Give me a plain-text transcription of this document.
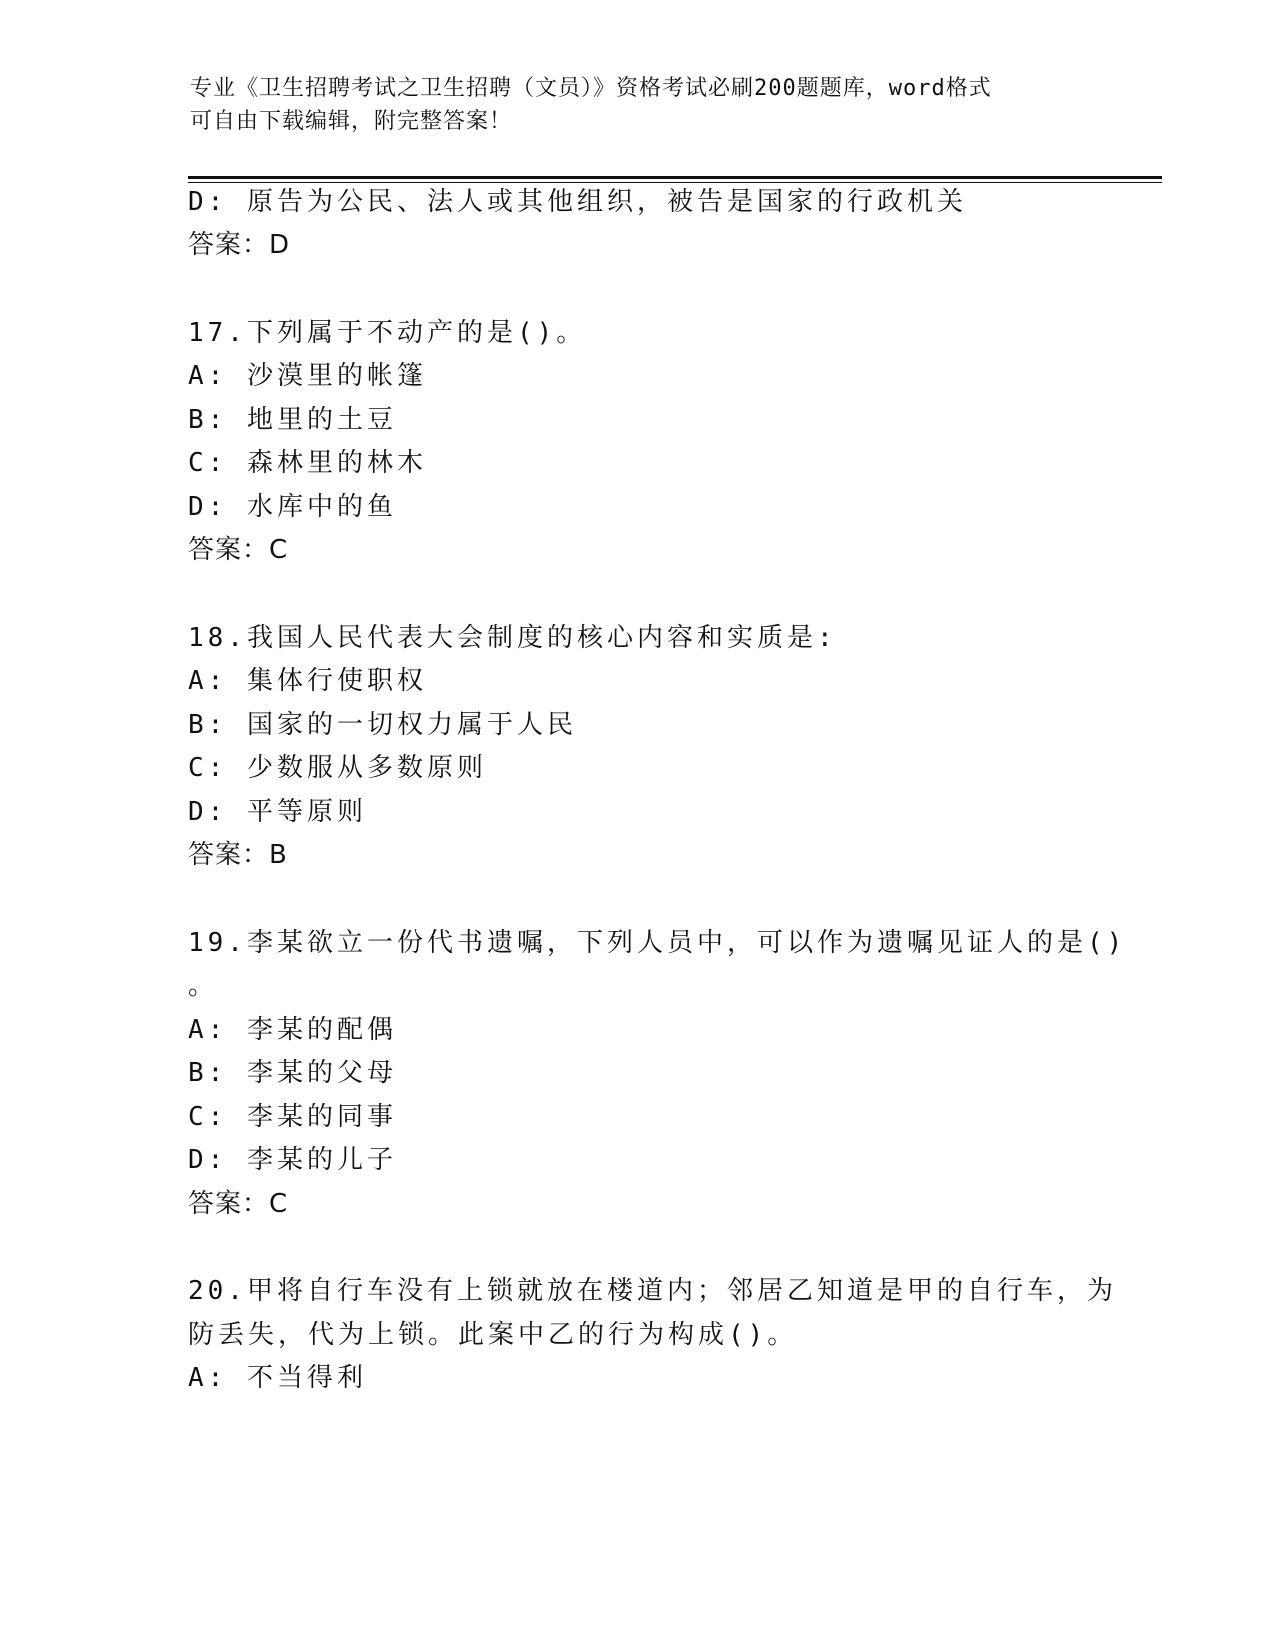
专业《卫生招聘考试之卫生招聘（文员）》资格考试必刷200题题库，word格式
可自由下载编辑，附完整答案！
D: 原告为公民、法人或其他组织，被告是国家的行政机关
答案：D
17.下列属于不动产的是()。
A: 沙漠里的帐篷
B: 地里的土豆
C: 森林里的林木
D: 水库中的鱼
答案：C
18.我国人民代表大会制度的核心内容和实质是:
A: 集体行使职权
B: 国家的一切权力属于人民
C: 少数服从多数原则
D: 平等原则
答案：B
19.李某欲立一份代书遗嘱，下列人员中，可以作为遗嘱见证人的是()
。
A: 李某的配偶
B: 李某的父母
C: 李某的同事
D: 李某的儿子
答案：C
20.甲将自行车没有上锁就放在楼道内；邻居乙知道是甲的自行车，为
防丢失，代为上锁。此案中乙的行为构成()。
A: 不当得利
